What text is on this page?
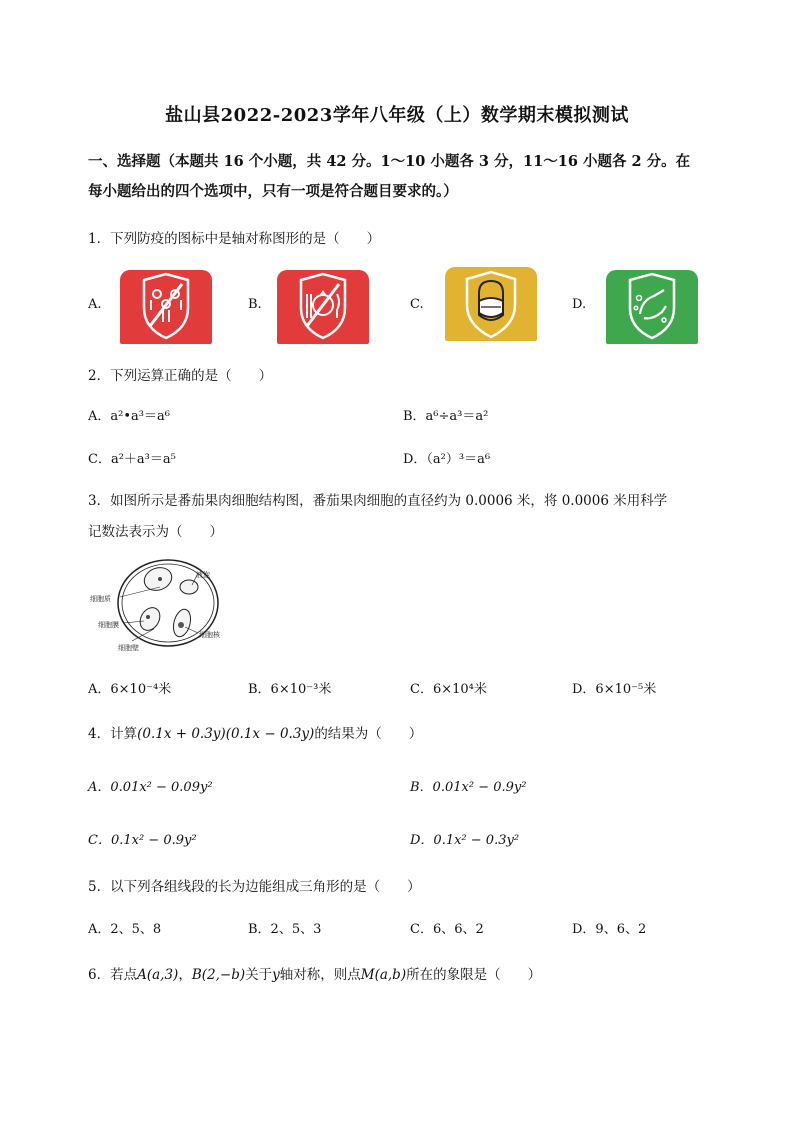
盐山县2022-2023学年八年级（上）数学期末模拟测试
一、选择题（本题共 16 个小题，共 42 分。1～10 小题各 3 分，11～16 小题各 2 分。在
每小题给出的四个选项中，只有一项是符合题目要求的。）
1．下列防疫的图标中是轴对称图形的是（　　）
A.	B.	C.	D.
2．下列运算正确的是（　　）
A．a²•a³＝a⁶	B．a⁶÷a³＝a²
C．a²＋a³＝a⁵	D．（a²）³＝a⁶
3．如图所示是番茄果肉细胞结构图，番茄果肉细胞的直径约为 0.0006 米，将 0.0006 米用科学
记数法表示为（　　）
液泡
细胞质
细胞膜
细胞核
细胞壁
A．6×10⁻⁴米	B．6×10⁻³米	C．6×10⁴米	D．6×10⁻⁵米
4．计算(0.1x + 0.3y)(0.1x − 0.3y)的结果为（　　）
A．0.01x² − 0.09y²	B．0.01x² − 0.9y²
C．0.1x² − 0.9y²	D．0.1x² − 0.3y²
5．以下列各组线段的长为边能组成三角形的是（　　）
A．2、5、8	B．2、5、3	C．6、6、2	D．9、6、2
6．若点A(a,3)，B(2,−b)关于y轴对称，则点M(a,b)所在的象限是（　　）
